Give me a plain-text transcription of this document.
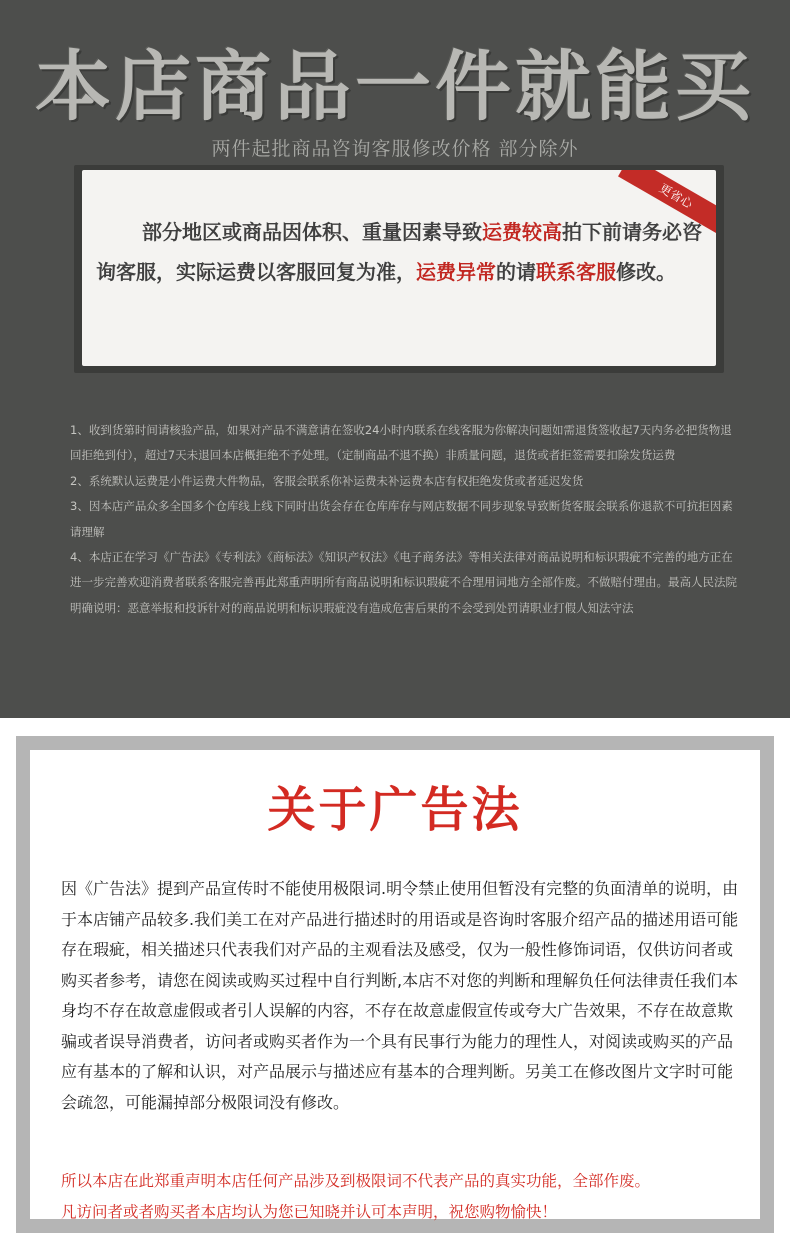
本店商品一件就能买
两件起批商品咨询客服修改价格 部分除外
更省心
部分地区或商品因体积、重量因素导致运费较高拍下前请务必咨询客服，实际运费以客服回复为准，运费异常的请联系客服修改。

1、收到货第时间请核验产品，如果对产品不满意请在签收24小时内联系在线客服为你解决问题如需退货签收起7天内务必把货物退回拒绝到付），超过7天未退回本店概拒绝不予处理。（定制商品不退不换）非质量问题，退货或者拒签需要扣除发货运费

2、系统默认运费是小件运费大件物品，客服会联系你补运费未补运费本店有权拒绝发货或者延迟发货

3、因本店产品众多全国多个仓库线上线下同时出货会存在仓库库存与网店数据不同步现象导致断货客服会联系你退款不可抗拒因素请理解

4、本店正在学习《广告法》《专利法》《商标法》《知识产权法》《电子商务法》等相关法律对商品说明和标识瑕疵不完善的地方正在进一步完善欢迎消费者联系客服完善再此郑重声明所有商品说明和标识瑕疵不合理用词地方全部作废。不做赔付理由。最高人民法院明确说明：恶意举报和投诉针对的商品说明和标识瑕疵没有造成危害后果的不会受到处罚请职业打假人知法守法

关于广告法
因《广告法》提到产品宣传时不能使用极限词.明令禁止使用但暂没有完整的负面清单的说明，由于本店铺产品较多.我们美工在对产品进行描述时的用语或是咨询时客服介绍产品的描述用语可能存在瑕疵，相关描述只代表我们对产品的主观看法及感受，仅为一般性修饰词语，仅供访问者或购买者参考，请您在阅读或购买过程中自行判断,本店不对您的判断和理解负任何法律责任我们本身均不存在故意虚假或者引人误解的内容，不存在故意虚假宣传或夸大广告效果，不存在故意欺骗或者误导消费者，访问者或购买者作为一个具有民事行为能力的理性人，对阅读或购买的产品应有基本的了解和认识，对产品展示与描述应有基本的合理判断。另美工在修改图片文字时可能会疏忽，可能漏掉部分极限词没有修改。
所以本店在此郑重声明本店任何产品涉及到极限词不代表产品的真实功能，全部作废。
凡访问者或者购买者本店均认为您已知晓并认可本声明，祝您购物愉快！
